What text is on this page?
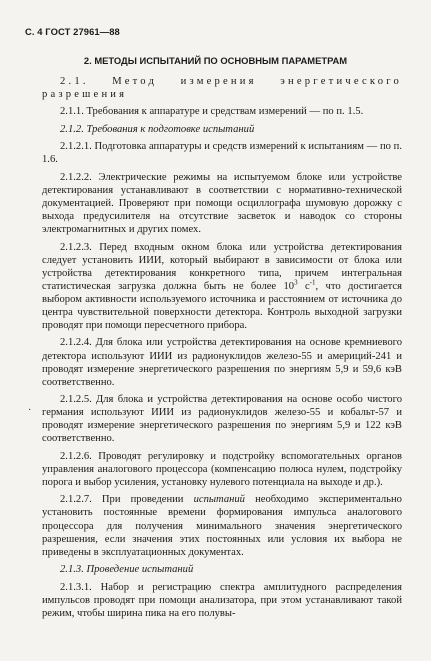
С. 4 ГОСТ 27961—88
2. МЕТОДЫ ИСПЫТАНИЙ ПО ОСНОВНЫМ ПАРАМЕТРАМ
·

2.1. Метод измерения энергетического разрешения

2.1.1. Требования к аппаратуре и средствам измерений — по п. 1.5.

2.1.2. Требования к подготовке испытаний

2.1.2.1. Подготовка аппаратуры и средств измерений к испытаниям — по п. 1.6.

2.1.2.2. Электрические режимы на испытуемом блоке или устройстве детектирования устанавливают в соответствии с нормативно-технической документацией. Проверяют при помощи осциллографа шумовую дорожку с выхода предусилителя на отсутствие засветок и наводок со стороны электромагнитных и других помех.

2.1.2.3. Перед входным окном блока или устройства детектирования следует установить ИИИ, который выбирают в зависимости от блока или устройства детектирования конкретного типа, причем интегральная статистическая загрузка должна быть не более $10^3$ $с^{-1}$, что достигается выбором активности используемого источника и расстоянием от источника до центра чувствительной поверхности детектора. Контроль выходной загрузки проводят при помощи пересчетного прибора.

2.1.2.4. Для блока или устройства детектирования на основе кремниевого детектора используют ИИИ из радионуклидов железо-55 и америций-241 и проводят измерение энергетического разрешения по энергиям 5,9 и 59,6 кэВ соответственно.

2.1.2.5. Для блока и устройства детектирования на основе особо чистого германия используют ИИИ из радионуклидов железо-55 и кобальт-57 и проводят измерение энергетического разрешения по энергиям 5,9 и 122 кэВ соответственно.

2.1.2.6. Проводят регулировку и подстройку вспомогательных органов управления аналогового процессора (компенсацию полюса нулем, подстройку порога и выбор усиления, установку нулевого потенциала на выходе и др.).

2.1.2.7. При проведении испытаний необходимо экспериментально установить постоянные времени формирования импульса аналогового процессора для получения минимального значения энергетического разрешения, если значения этих постоянных или условия их выбора не приведены в эксплуатационных документах.

2.1.3. Проведение испытаний

2.1.3.1. Набор и регистрацию спектра амплитудного распределения импульсов проводят при помощи анализатора, при этом устанавливают такой режим, чтобы ширина пика на его полувы-
